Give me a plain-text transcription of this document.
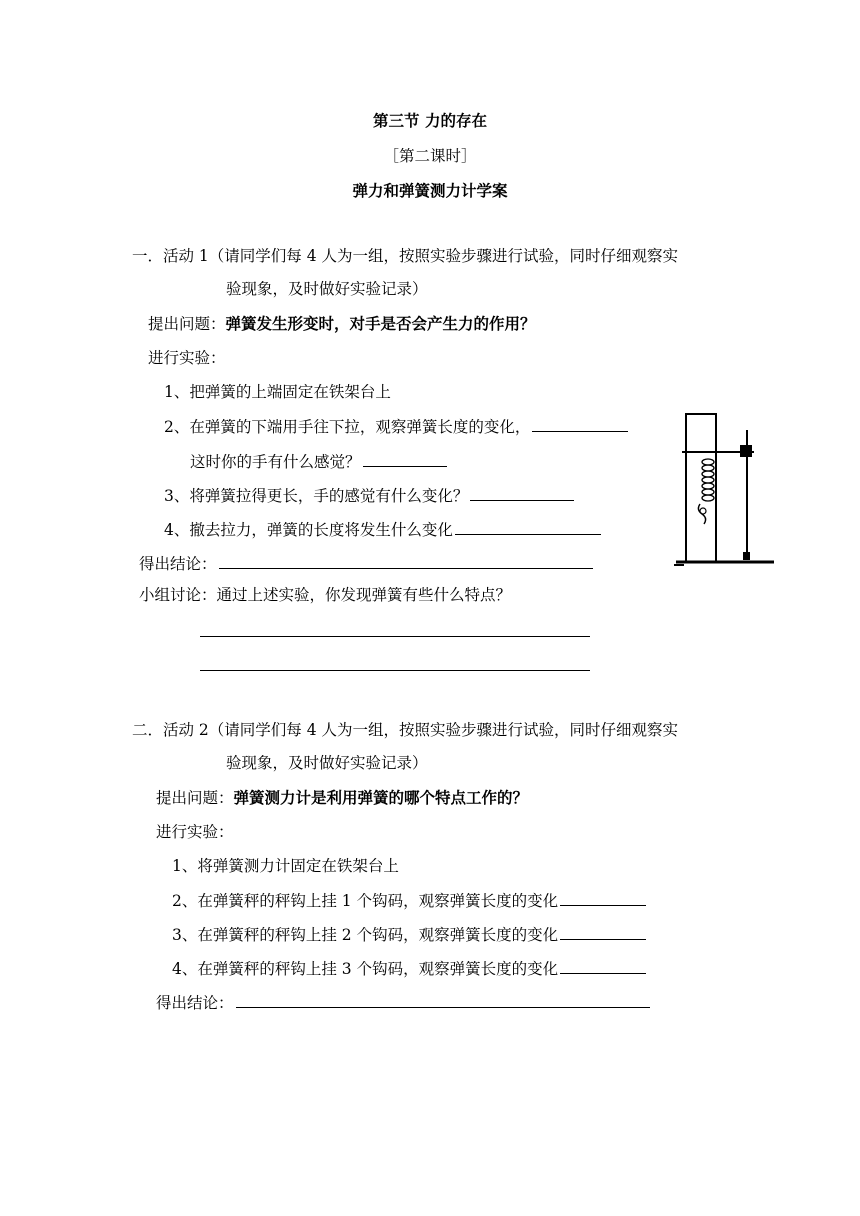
第三节 力的存在
［第二课时］
弹力和弹簧测力计学案
一．活动 1（请同学们每 4 人为一组，按照实验步骤进行试验，同时仔细观察实
验现象，及时做好实验记录）
提出问题：弹簧发生形变时，对手是否会产生力的作用？
进行实验：
1、把弹簧的上端固定在铁架台上
2、在弹簧的下端用手往下拉，观察弹簧长度的变化，
这时你的手有什么感觉？
3、将弹簧拉得更长，手的感觉有什么变化？
4、撤去拉力，弹簧的长度将发生什么变化
得出结论：
小组讨论：通过上述实验，你发现弹簧有些什么特点？
二．活动 2（请同学们每 4 人为一组，按照实验步骤进行试验，同时仔细观察实
验现象，及时做好实验记录）
提出问题：弹簧测力计是利用弹簧的哪个特点工作的？
进行实验：
1、将弹簧测力计固定在铁架台上
2、在弹簧秤的秤钩上挂 1 个钩码，观察弹簧长度的变化
3、在弹簧秤的秤钩上挂 2 个钩码，观察弹簧长度的变化
4、在弹簧秤的秤钩上挂 3 个钩码，观察弹簧长度的变化
得出结论：
